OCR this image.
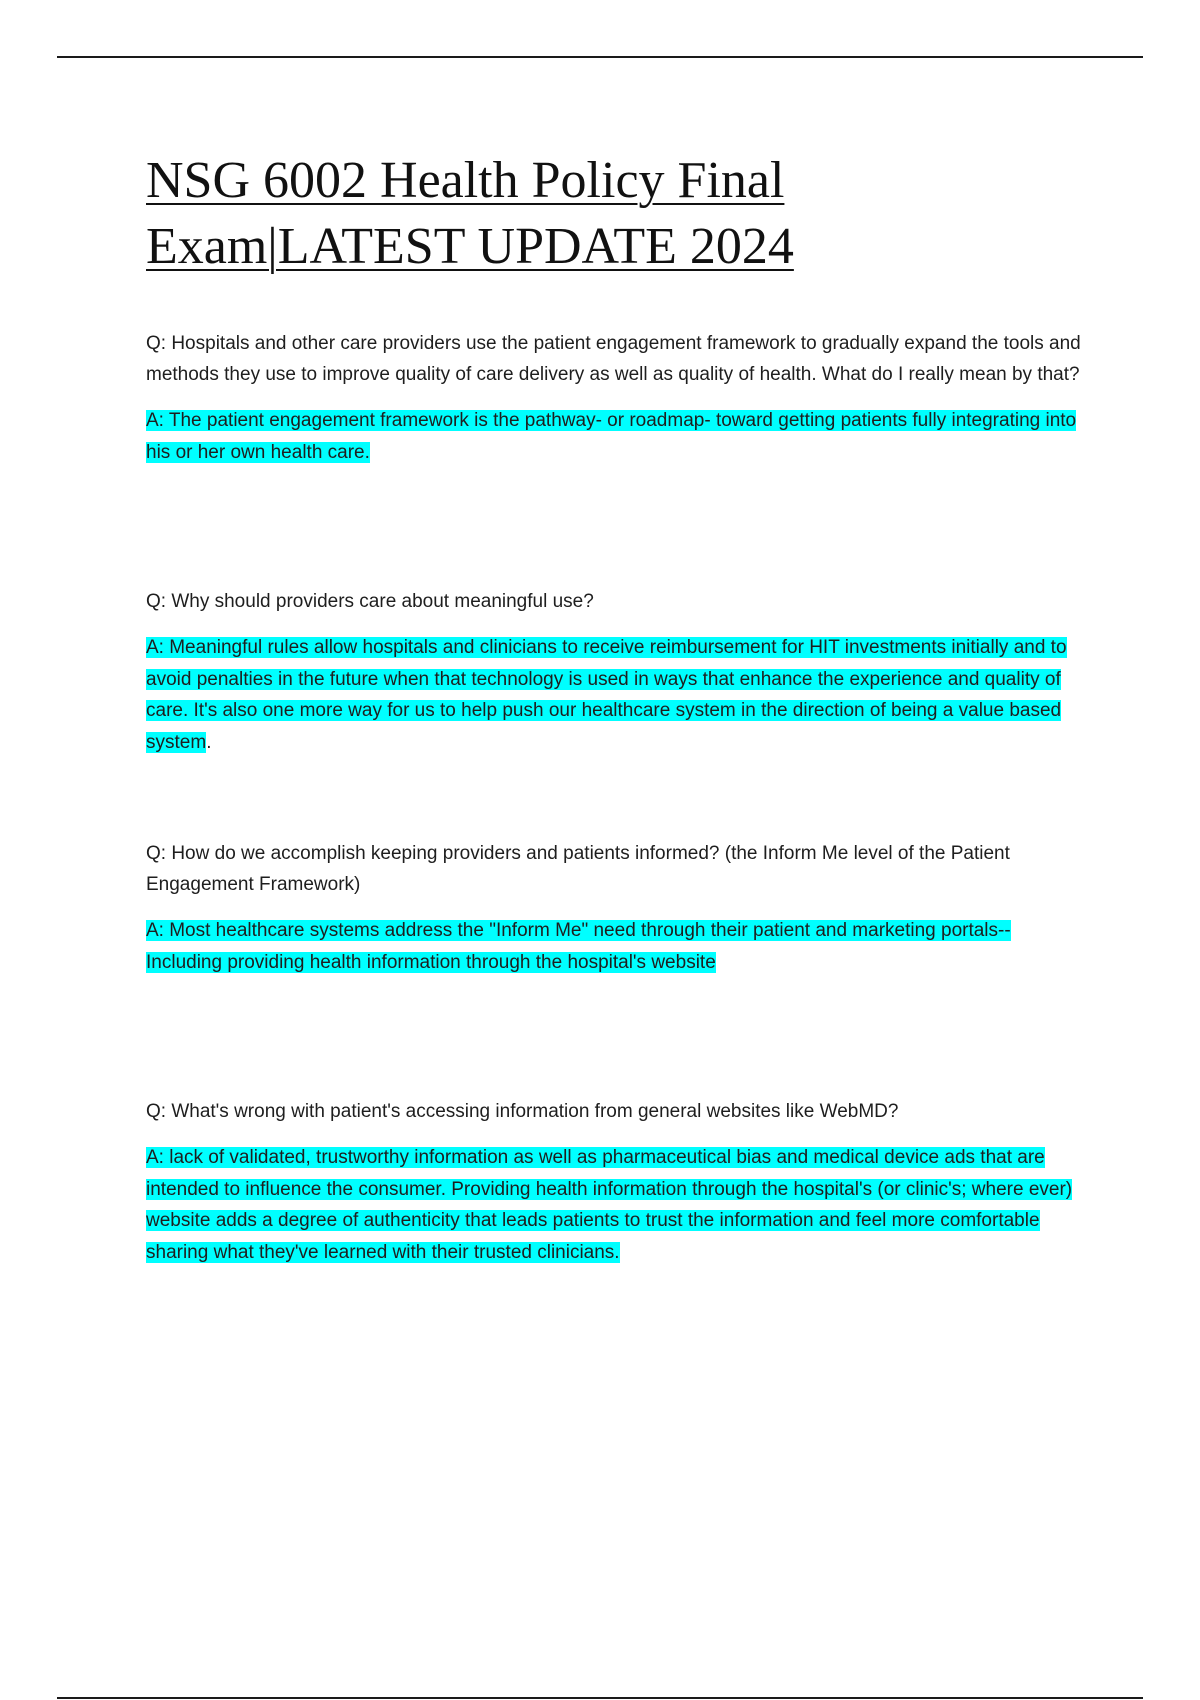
NSG 6002 Health Policy Final Exam|LATEST UPDATE 2024

Q: Hospitals and other care providers use the patient engagement framework to gradually expand the tools and methods they use to improve quality of care delivery as well as quality of health. What do I really mean by that?

A: The patient engagement framework is the pathway- or roadmap- toward getting patients fully integrating into his or her own health care.

Q: Why should providers care about meaningful use?

A: Meaningful rules allow hospitals and clinicians to receive reimbursement for HIT investments initially and to avoid penalties in the future when that technology is used in ways that enhance the experience and quality of care. It's also one more way for us to help push our healthcare system in the direction of being a value based system.

Q: How do we accomplish keeping providers and patients informed? (the Inform Me level of the Patient Engagement Framework)

A: Most healthcare systems address the "Inform Me" need through their patient and marketing portals-- Including providing health information through the hospital's website

Q: What's wrong with patient's accessing information from general websites like WebMD?

A: lack of validated, trustworthy information as well as pharmaceutical bias and medical device ads that are intended to influence the consumer. Providing health information through the hospital's (or clinic's; where ever) website adds a degree of authenticity that leads patients to trust the information and feel more comfortable sharing what they've learned with their trusted clinicians.
